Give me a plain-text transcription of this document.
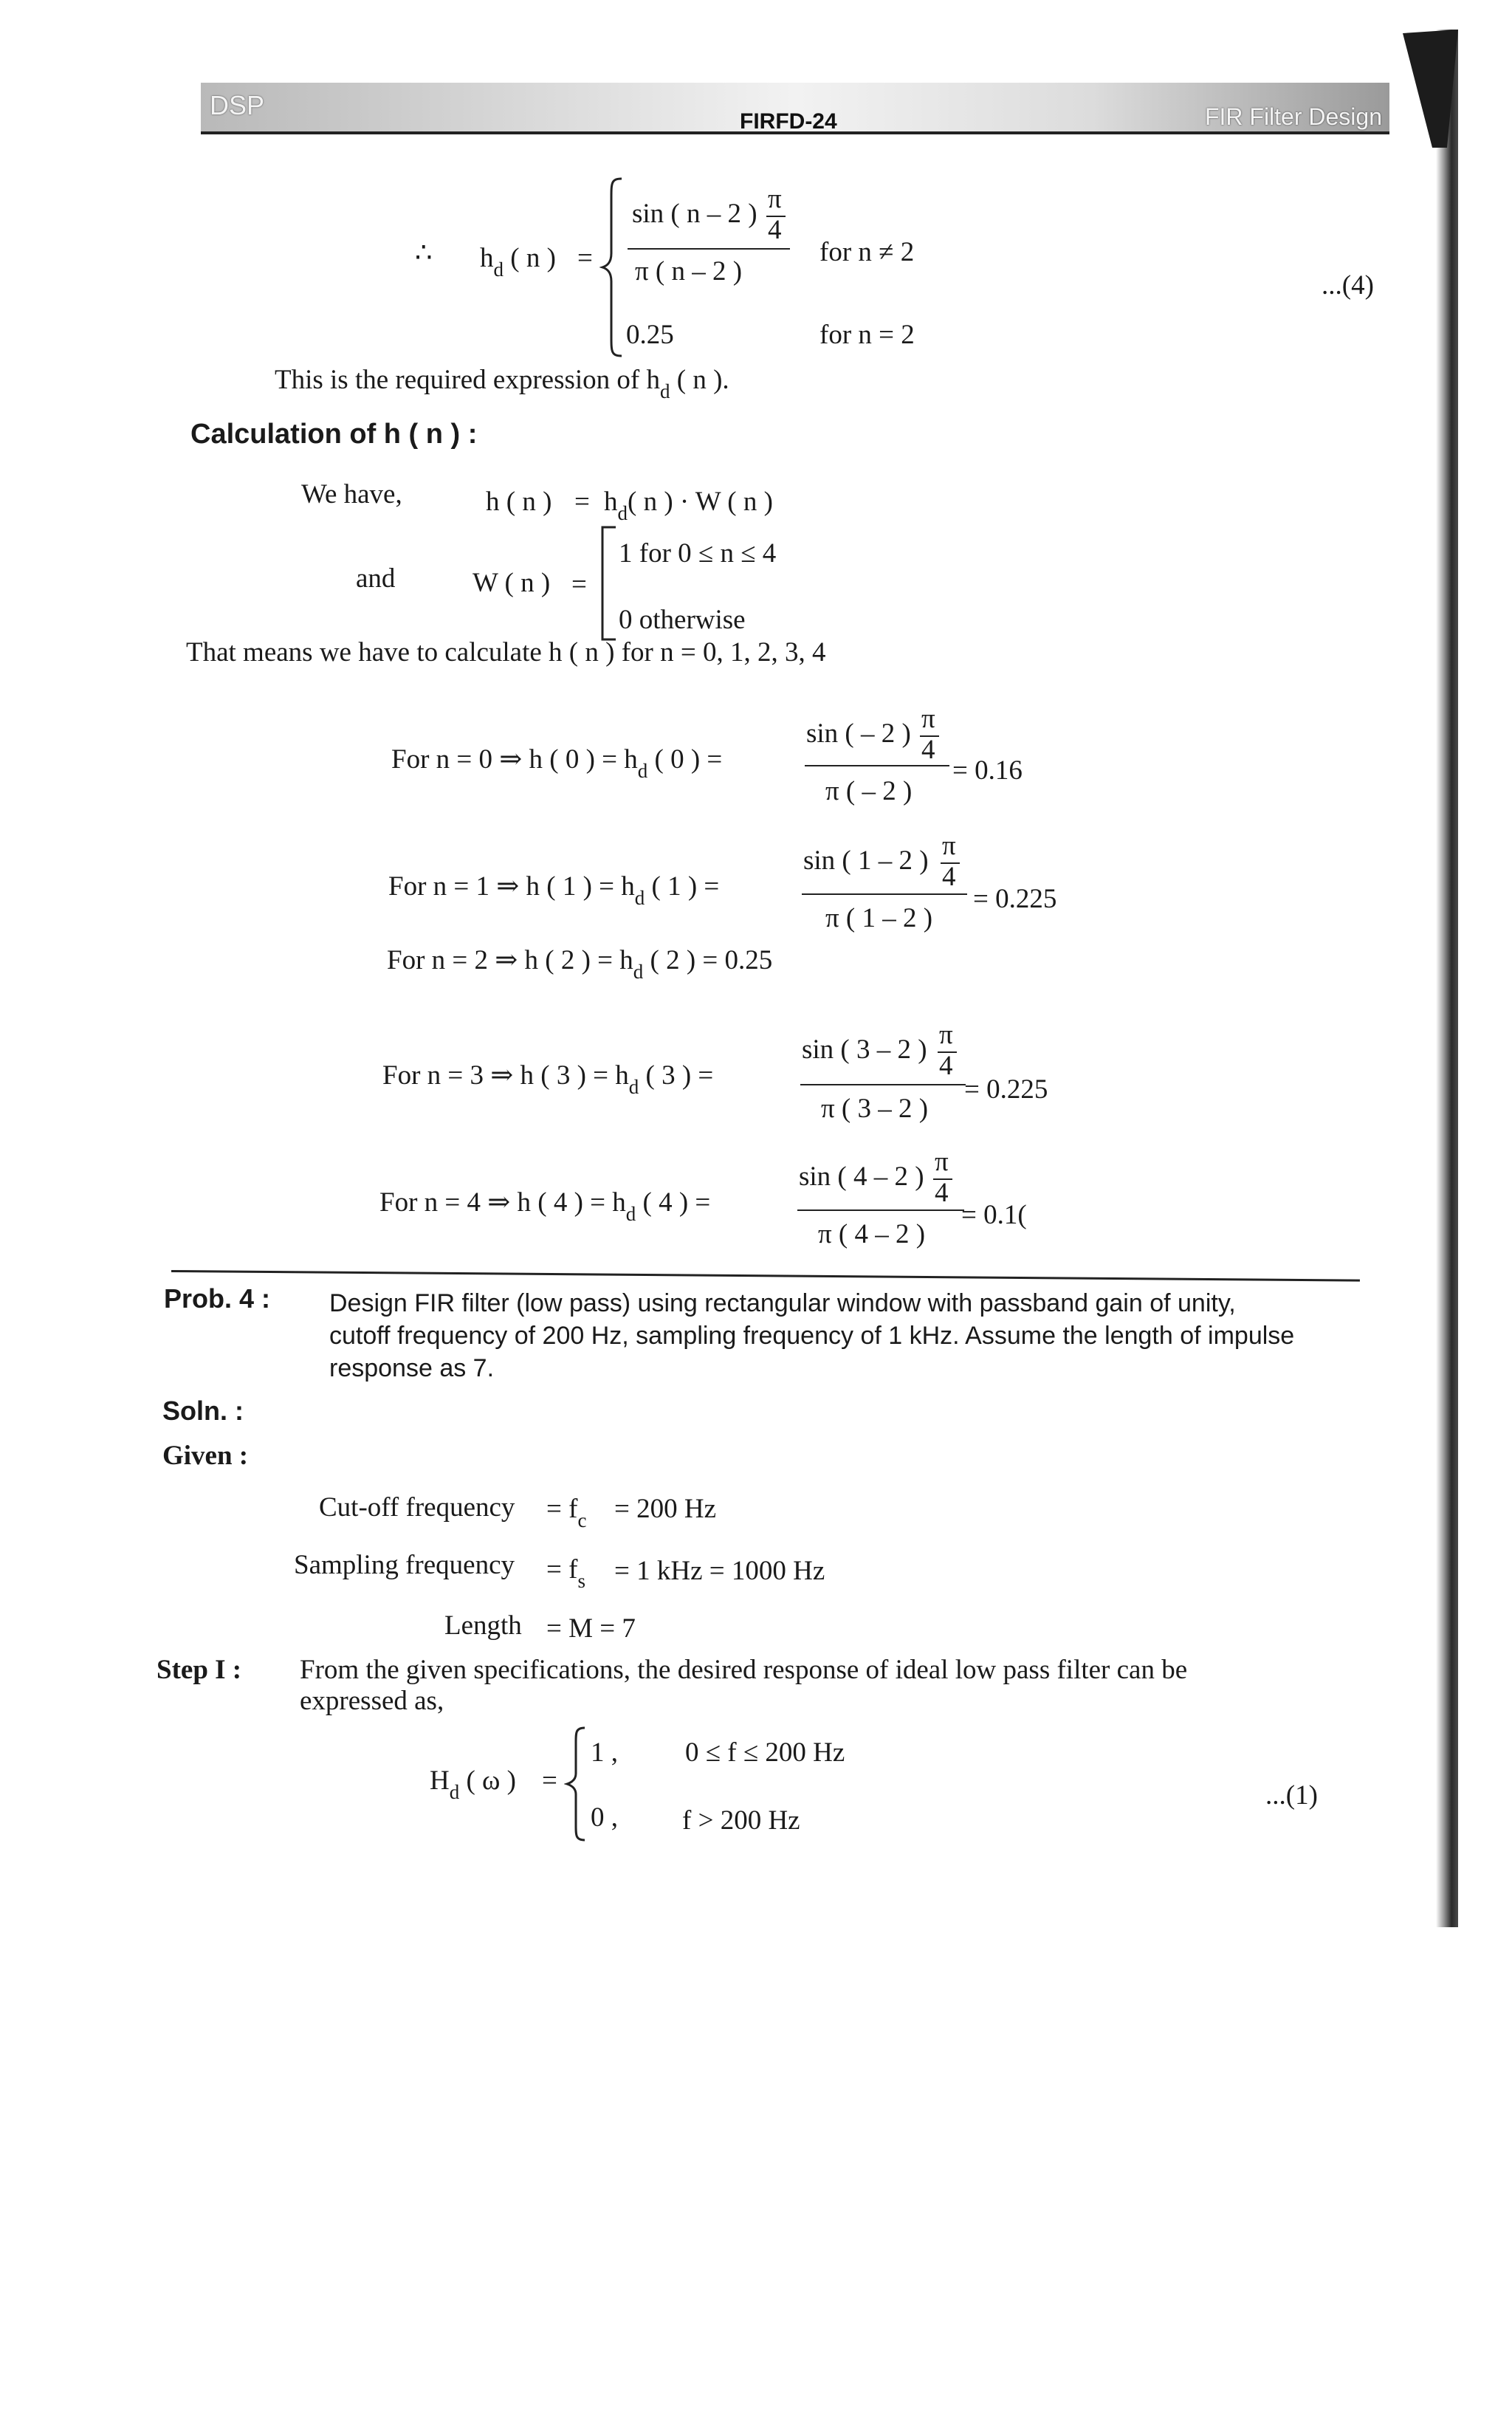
DSP
FIRFD-24	FIR Filter Design
∴ $h_d$ ( n ) =
sin ( n – 2 ) π
4
π ( n – 2 )
for n ≠ 2
0.25	for n = 2
...(4)
This is the required expression of $h_d$ ( n ).
Calculation of h ( n ) :
We have,	h ( n ) = $h_d$( n ) · W ( n )
and	W ( n ) =
1 for 0 ≤ n ≤ 4
0 otherwise
That means we have to calculate h ( n ) for n = 0, 1, 2, 3, 4
For n = 0 ⇒ h ( 0 ) = $h_d$ ( 0 ) =
sin ( – 2 ) π
4
π ( – 2 )
= 0.16
For n = 1 ⇒ h ( 1 ) = $h_d$ ( 1 ) =
sin ( 1 – 2 ) π
4
π ( 1 – 2 )
= 0.225
For n = 2 ⇒ h ( 2 ) = $h_d$ ( 2 ) = 0.25
For n = 3 ⇒ h ( 3 ) = $h_d$ ( 3 ) =
sin ( 3 – 2 ) π
4
π ( 3 – 2 )
= 0.225
For n = 4 ⇒ h ( 4 ) = $h_d$ ( 4 ) =
sin ( 4 – 2 ) π
4
π ( 4 – 2 )
= 0.1(
Prob. 4 : Design FIR filter (low pass) using rectangular window with passband gain of unity,
cutoff frequency of 200 Hz, sampling frequency of 1 kHz. Assume the length of impulse
response as 7.
Soln. :
Given :
Cut-off frequency = $f_c = 200$ Hz
Sampling frequency = $f_s = 1$ kHz = 1000 Hz
Length = M = 7
Step I : From the given specifications, the desired response of ideal low pass filter can be
expressed as,
$H_d$ ( ω ) =
1 , 0 ≤ f ≤ 200 Hz
0 , f > 200 Hz
...(1)
